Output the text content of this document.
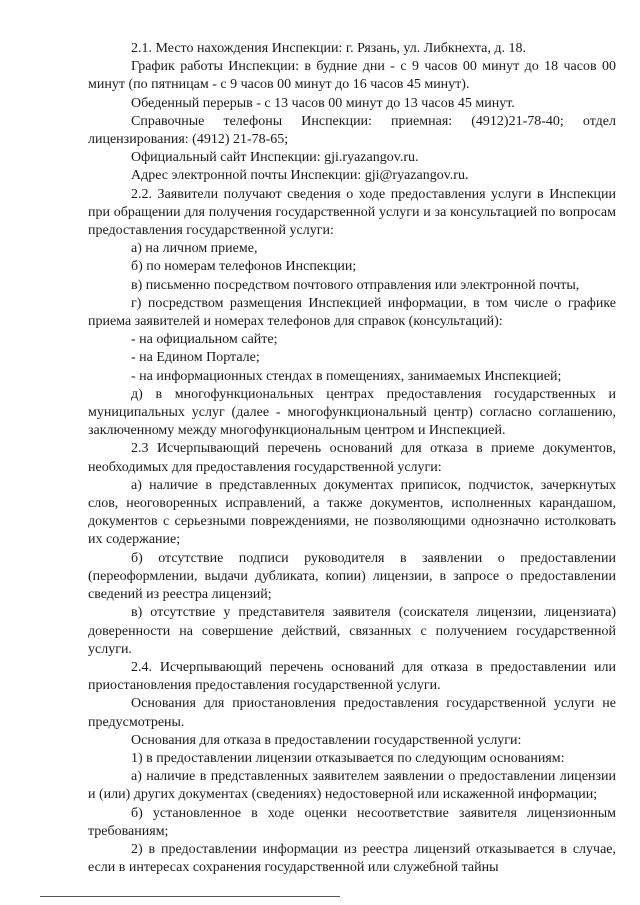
2.1. Место нахождения Инспекции: г. Рязань, ул. Либкнехта, д. 18.

График работы Инспекции: в будние дни - с 9 часов 00 минут до 18 часов 00 минут (по пятницам - с 9 часов 00 минут до 16 часов 45 минут).

Обеденный перерыв - с 13 часов 00 минут до 13 часов 45 минут.

Справочные телефоны Инспекции: приемная: (4912)21-78-40; отдел лицензирования: (4912) 21-78-65;

Официальный сайт Инспекции: gji.ryazangov.ru.

Адрес электронной почты Инспекции: gji@ryazangov.ru.

2.2. Заявители получают сведения о ходе предоставления услуги в Инспекции при обращении для получения государственной услуги и за консультацией по вопросам предоставления государственной услуги:

а) на личном приеме,

б) по номерам телефонов Инспекции;

в) письменно посредством почтового отправления или электронной почты,

г) посредством размещения Инспекцией информации, в том числе о графике приема заявителей и номерах телефонов для справок (консультаций):

- на официальном сайте;

- на Едином Портале;

- на информационных стендах в помещениях, занимаемых Инспекцией;

д) в многофункциональных центрах предоставления государственных и муниципальных услуг (далее - многофункциональный центр) согласно соглашению, заключенному между многофункциональным центром и Инспекцией.

2.3 Исчерпывающий перечень оснований для отказа в приеме документов, необходимых для предоставления государственной услуги:

а) наличие в представленных документах приписок, подчисток, зачеркнутых слов, неоговоренных исправлений, а также документов, исполненных карандашом, документов с серьезными повреждениями, не позволяющими однозначно истолковать их содержание;

б) отсутствие подписи руководителя в заявлении о предоставлении (переоформлении, выдачи дубликата, копии) лицензии, в запросе о предоставлении сведений из реестра лицензий;

в) отсутствие у представителя заявителя (соискателя лицензии, лицензиата) доверенности на совершение действий, связанных с получением государственной услуги.

2.4. Исчерпывающий перечень оснований для отказа в предоставлении или приостановления предоставления государственной услуги.

Основания для приостановления предоставления государственной услуги не предусмотрены.

Основания для отказа в предоставлении государственной услуги:

1) в предоставлении лицензии отказывается по следующим основаниям:

а) наличие в представленных заявителем заявлении о предоставлении лицензии и (или) других документах (сведениях) недостоверной или искаженной информации;

б) установленное в ходе оценки несоответствие заявителя лицензионным требованиям;

2) в предоставлении информации из реестра лицензий отказывается в случае, если в интересах сохранения государственной или служебной тайны
